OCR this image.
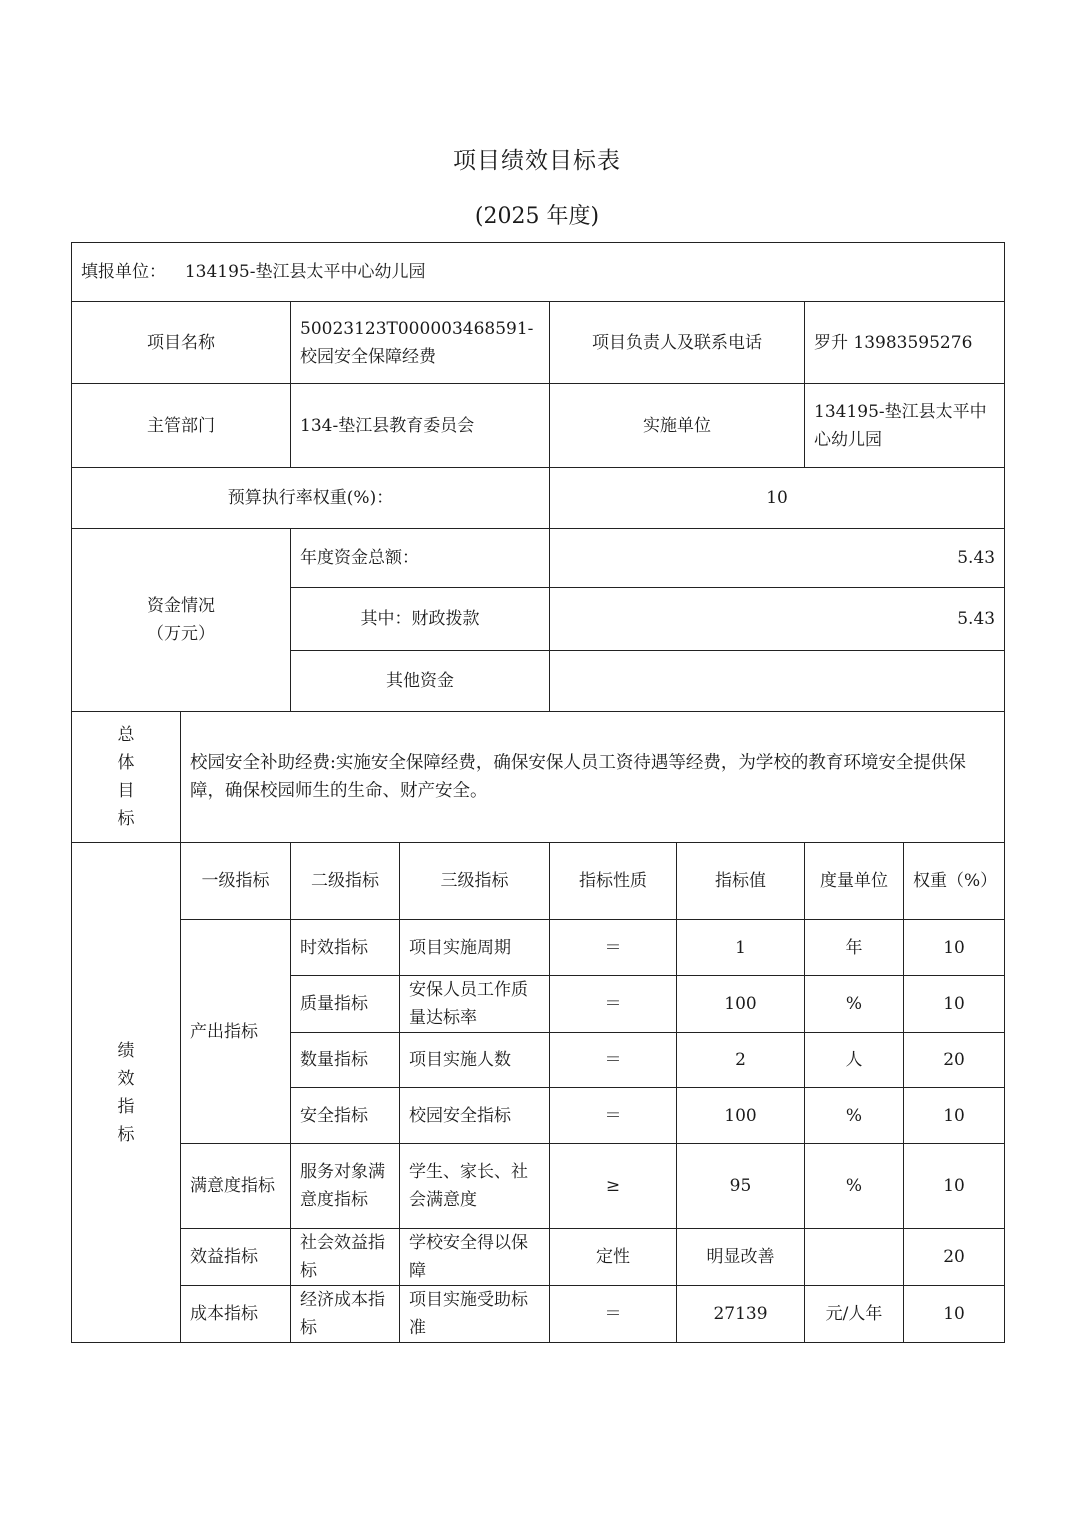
项目绩效目标表
(2025 年度)
填报单位： 134195-垫江县太平中心幼儿园							
项目名称		50023123T000003468591-校园安全保障经费		项目负责人及联系电话		罗升 13983595276	
主管部门		134-垫江县教育委员会		实施单位		134195-垫江县太平中心幼儿园	
预算执行率权重(%)：				10			

资金情况
（万元）		年度资金总额：		5.43			
		其中：财政拨款		5.43			
		其他资金					

总
体
目
标	校园安全补助经费:实施安全保障经费，确保安保人员工资待遇等经费，为学校的教育环境安全提供保障，确保校园师生的生命、财产安全。						

绩
效
指
标	一级指标	二级指标	三级指标	指标性质	指标值	度量单位	权重（%）
	产出指标	时效指标	项目实施周期	＝	1	年	10
		质量指标	安保人员工作质量达标率	＝	100	%	10
		数量指标	项目实施人数	＝	2	人	20
		安全指标	校园安全指标	＝	100	%	10
	满意度指标	服务对象满意度指标	学生、家长、社会满意度	≥	95	%	10
	效益指标	社会效益指标	学校安全得以保障	定性	明显改善		20
	成本指标	经济成本指标	项目实施受助标准	＝	27139	元/人年	10
